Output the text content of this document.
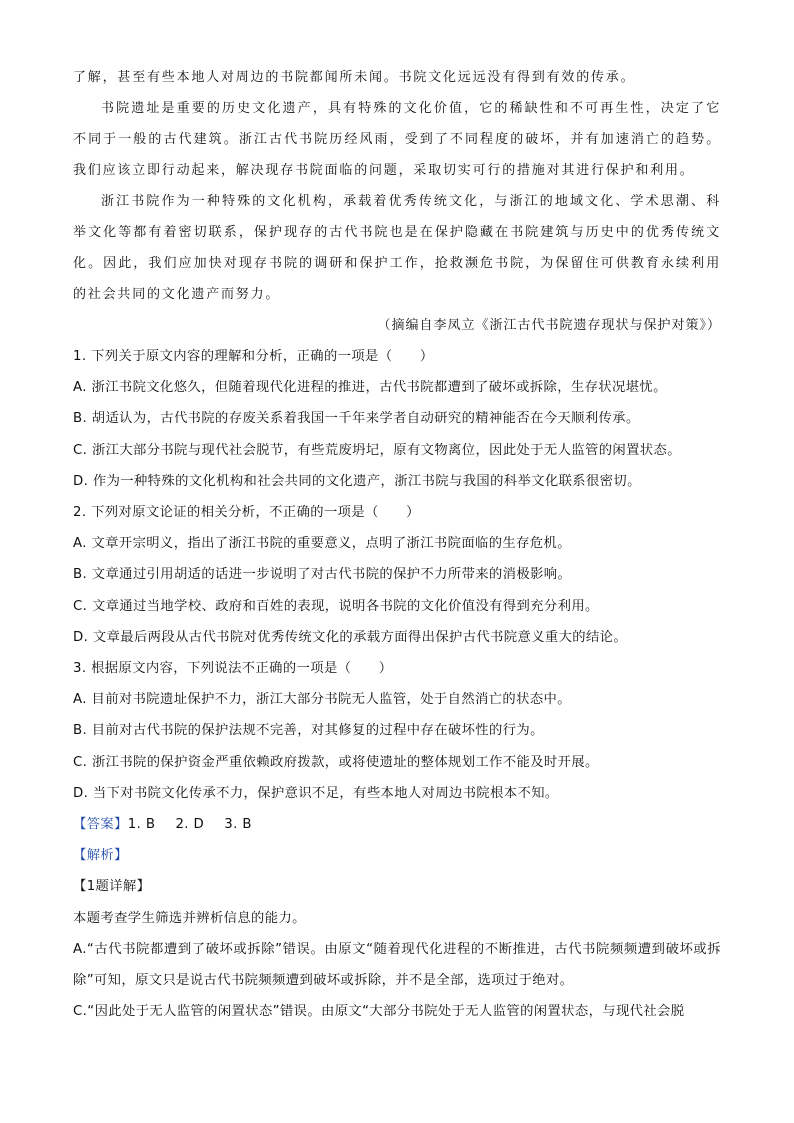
了解，甚至有些本地人对周边的书院都闻所未闻。书院文化远远没有得到有效的传承。

书院遗址是重要的历史文化遗产，具有特殊的文化价值，它的稀缺性和不可再生性，决定了它不同于一般的古代建筑。浙江古代书院历经风雨，受到了不同程度的破坏，并有加速消亡的趋势。我们应该立即行动起来，解决现存书院面临的问题，采取切实可行的措施对其进行保护和利用。

浙江书院作为一种特殊的文化机构，承载着优秀传统文化，与浙江的地域文化、学术思潮、科举文化等都有着密切联系，保护现存的古代书院也是在保护隐藏在书院建筑与历史中的优秀传统文化。因此，我们应加快对现存书院的调研和保护工作，抢救濒危书院，为保留住可供教育永续利用的社会共同的文化遗产而努力。

（摘编自李凤立《浙江古代书院遗存现状与保护对策》）

1. 下列关于原文内容的理解和分析，正确的一项是（　　）

A. 浙江书院文化悠久，但随着现代化进程的推进，古代书院都遭到了破坏或拆除，生存状况堪忧。

B. 胡适认为，古代书院的存废关系着我国一千年来学者自动研究的精神能否在今天顺利传承。

C. 浙江大部分书院与现代社会脱节，有些荒废坍圮，原有文物离位，因此处于无人监管的闲置状态。

D. 作为一种特殊的文化机构和社会共同的文化遗产，浙江书院与我国的科举文化联系很密切。

2. 下列对原文论证的相关分析，不正确的一项是（　　）

A. 文章开宗明义，指出了浙江书院的重要意义，点明了浙江书院面临的生存危机。

B. 文章通过引用胡适的话进一步说明了对古代书院的保护不力所带来的消极影响。

C. 文章通过当地学校、政府和百姓的表现，说明各书院的文化价值没有得到充分利用。

D. 文章最后两段从古代书院对优秀传统文化的承载方面得出保护古代书院意义重大的结论。

3. 根据原文内容，下列说法不正确的一项是（　　）

A. 目前对书院遗址保护不力，浙江大部分书院无人监管，处于自然消亡的状态中。

B. 目前对古代书院的保护法规不完善，对其修复的过程中存在破坏性的行为。

C. 浙江书院的保护资金严重依赖政府拨款，或将使遗址的整体规划工作不能及时开展。

D. 当下对书院文化传承不力，保护意识不足，有些本地人对周边书院根本不知。

【答案】1. B 2. D 3. B

【解析】

【1题详解】

本题考查学生筛选并辨析信息的能力。

A.“古代书院都遭到了破坏或拆除”错误。由原文“随着现代化进程的不断推进，古代书院频频遭到破坏或拆除”可知，原文只是说古代书院频频遭到破坏或拆除，并不是全部，选项过于绝对。

C.“因此处于无人监管的闲置状态”错误。由原文“大部分书院处于无人监管的闲置状态，与现代社会脱
